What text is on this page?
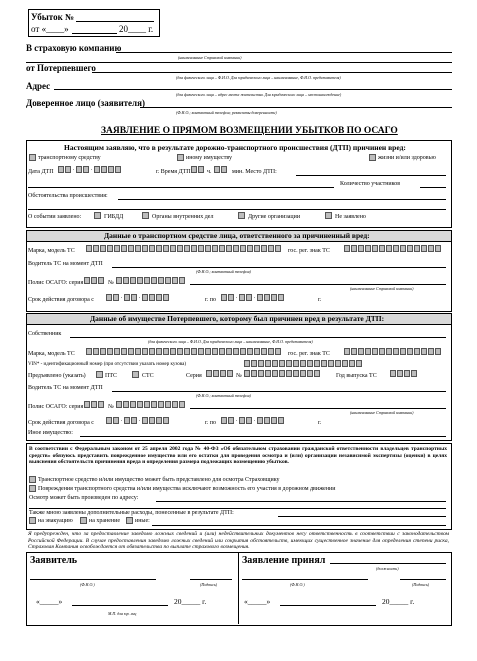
Убыток №
от «____»	20____ г.
В страховую компанию
(наименование Страховой компании)
от Потерпевшего
(для физического лица – Ф.И.О. Для юридического лица – наименование, Ф.И.О. представителя)
Адрес
(для физического лица – адрес места жительства. Для юридического лица – местонахождение)
Доверенное лицо (заявителя)
(Ф.И.О.; контактный телефон; реквизиты доверенности)
ЗАЯВЛЕНИЕ О ПРЯМОМ ВОЗМЕЩЕНИИ УБЫТКОВ ПО ОСАГО
Настоящим заявляю, что в результате дорожно-транспортного происшествия (ДТП) причинен вред:
транспортному средству	иному имуществу	жизни и/или здоровью
Дата ДТП	.	.	г. Время ДТП	ч.	мин. Место ДТП:
Количество участников
Обстоятельства происшествия:
О событии заявлено:	ГИБДД	Органы внутренних дел	Другие организации	Не заявлено
Данные о транспортном средстве лица, ответственного за причиненный вред:
Марка, модель ТС	гос. рег. знак ТС
Водитель ТС на момент ДТП
(Ф.И.О.; контактный телефон)
Полис ОСАГО: серия	№
(наименование Страховой компании)
Срок действия договора с	.	.	г. по	.	.	г.
Данные об имуществе Потерпевшего, которому был причинен вред в результате ДТП:
Собственник
(для физического лица – Ф.И.О. Для юридического лица – наименование, Ф.И.О. представителя)
Марка, модель ТС	гос. рег. знак ТС
VIN* - идентификационный номер (при отсутствии указать номер кузова)
Предъявлено (указать)	ПТС	СТС	Серия	№	Год выпуска ТС
Водитель ТС на момент ДТП
(Ф.И.О.; контактный телефон)
Полис ОСАГО: серия	№
(наименование Страховой компании)
Срок действия договора с	.	.	г. по	.	.	г.
Иное имущество:
В соответствии с Федеральным законом от 25 апреля 2002 года № 40-ФЗ «Об обязательном страховании гражданской ответственности владельцев транспортных средств» обязуюсь представить поврежденное имущество или его остатки для проведения осмотра и (или) организации независимой экспертизы (оценки) в целях выяснения обстоятельств причинения вреда и определения размера подлежащих возмещению убытков.
Транспортное средство и/или имущество может быть представлено для осмотра Страховщику
Повреждения транспортного средства и/или имущества исключают возможность его участия в дорожном движении
Осмотр может быть произведен по адресу:
Также мною заявлены дополнительные расходы, понесенные в результате ДТП:
на эвакуацию	на хранение	иные:
Я предупрежден, что за предоставление заведомо ложных сведений и (или) недействительных документов несу ответственность в соответствии с законодательством Российской Федерации. В случае предоставления заведомо ложных сведений или сокрытия обстоятельств, имеющих существенное значение для определения степени риска, Страховая Компания освобождается от обязательства по выплате страхового возмещения.
Заявитель
(Ф.И.О.)	(Подпись)
«_____»	20_____ г.
М.П. для юр. лиц
Заявление принял
(должность)
(Ф.И.О.)	(Подпись)
«_____»	20_____ г.
